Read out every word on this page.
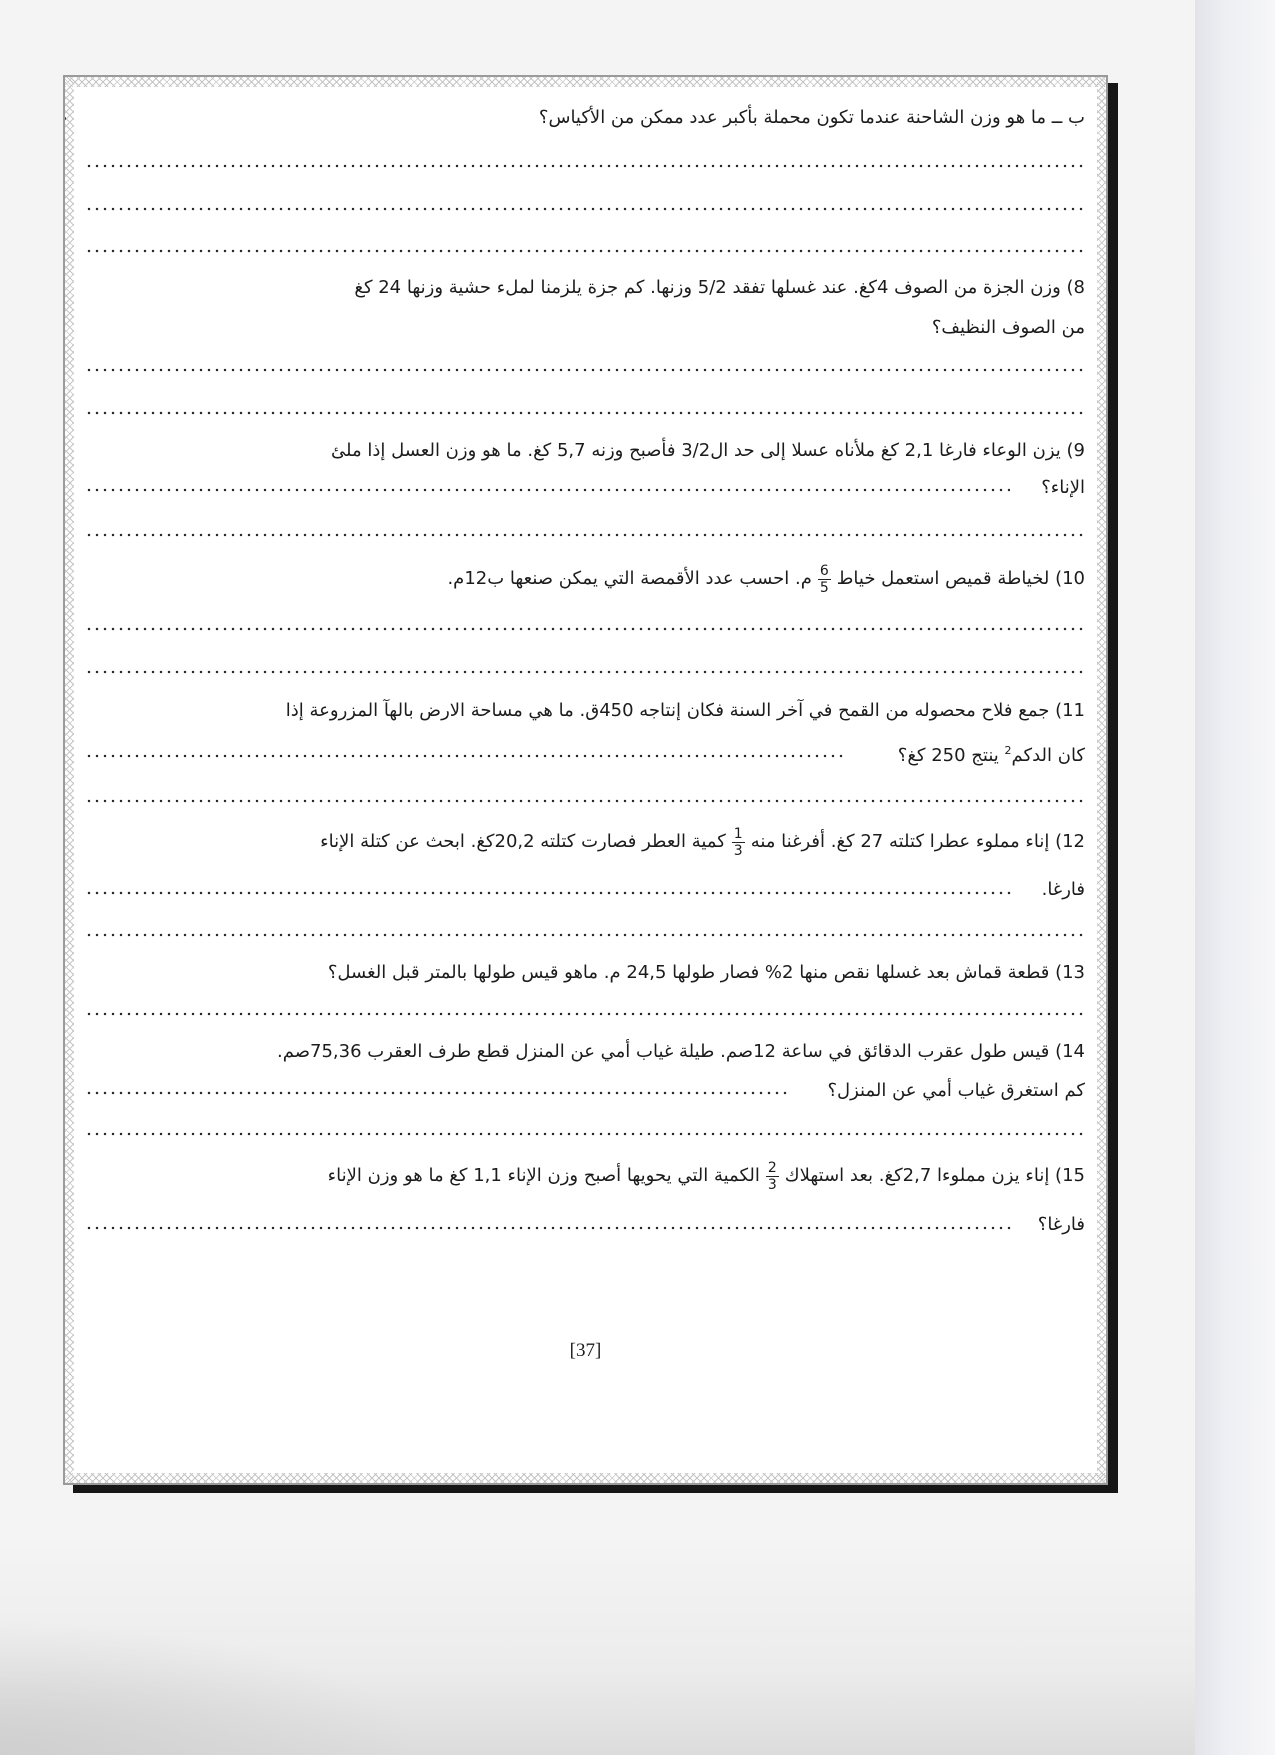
ب ــ ما هو وزن الشاحنة عندما تكون محملة بأكبر عدد ممكن من الأكياس؟
8) وزن الجزة من الصوف 4كغ. عند غسلها تفقد 5/2 وزنها. كم جزة يلزمنا لملء حشية وزنها 24 كغ
من الصوف النظيف؟
9) يزن الوعاء فارغا 2,1 كغ ملأناه عسلا إلى حد ال3/2 فأصبح وزنه 5,7 كغ. ما هو وزن العسل إذا ملئ
الإناء؟
10) لخياطة قميص استعمل خياط
$\frac{6}{5}$
م. احسب عدد الأقمصة التي يمكن صنعها ب12م.
11) جمع فلاح محصوله من القمح في آخر السنة فكان إنتاجه 450ق. ما هي مساحة الارض بالهآ المزروعة إذا
كان الدكم$^2$ ينتج 250 كغ؟
12) إناء مملوء عطرا كتلته 27 كغ. أفرغنا منه
$\frac{1}{3}$
كمية العطر فصارت كتلته 20,2كغ. ابحث عن كتلة الإناء
فارغا.
13) قطعة قماش بعد غسلها نقص منها 2% فصار طولها 24,5 م. ماهو قيس طولها بالمتر قبل الغسل؟
14) قيس طول عقرب الدقائق في ساعة 12صم. طيلة غياب أمي عن المنزل قطع طرف العقرب 75,36صم.
كم استغرق غياب أمي عن المنزل؟
15) إناء يزن مملوءا 2,7كغ. بعد استهلاك
$\frac{2}{3}$
الكمية التي يحويها أصبح وزن الإناء 1,1 كغ ما هو وزن الإناء
فارغا؟
[37]
